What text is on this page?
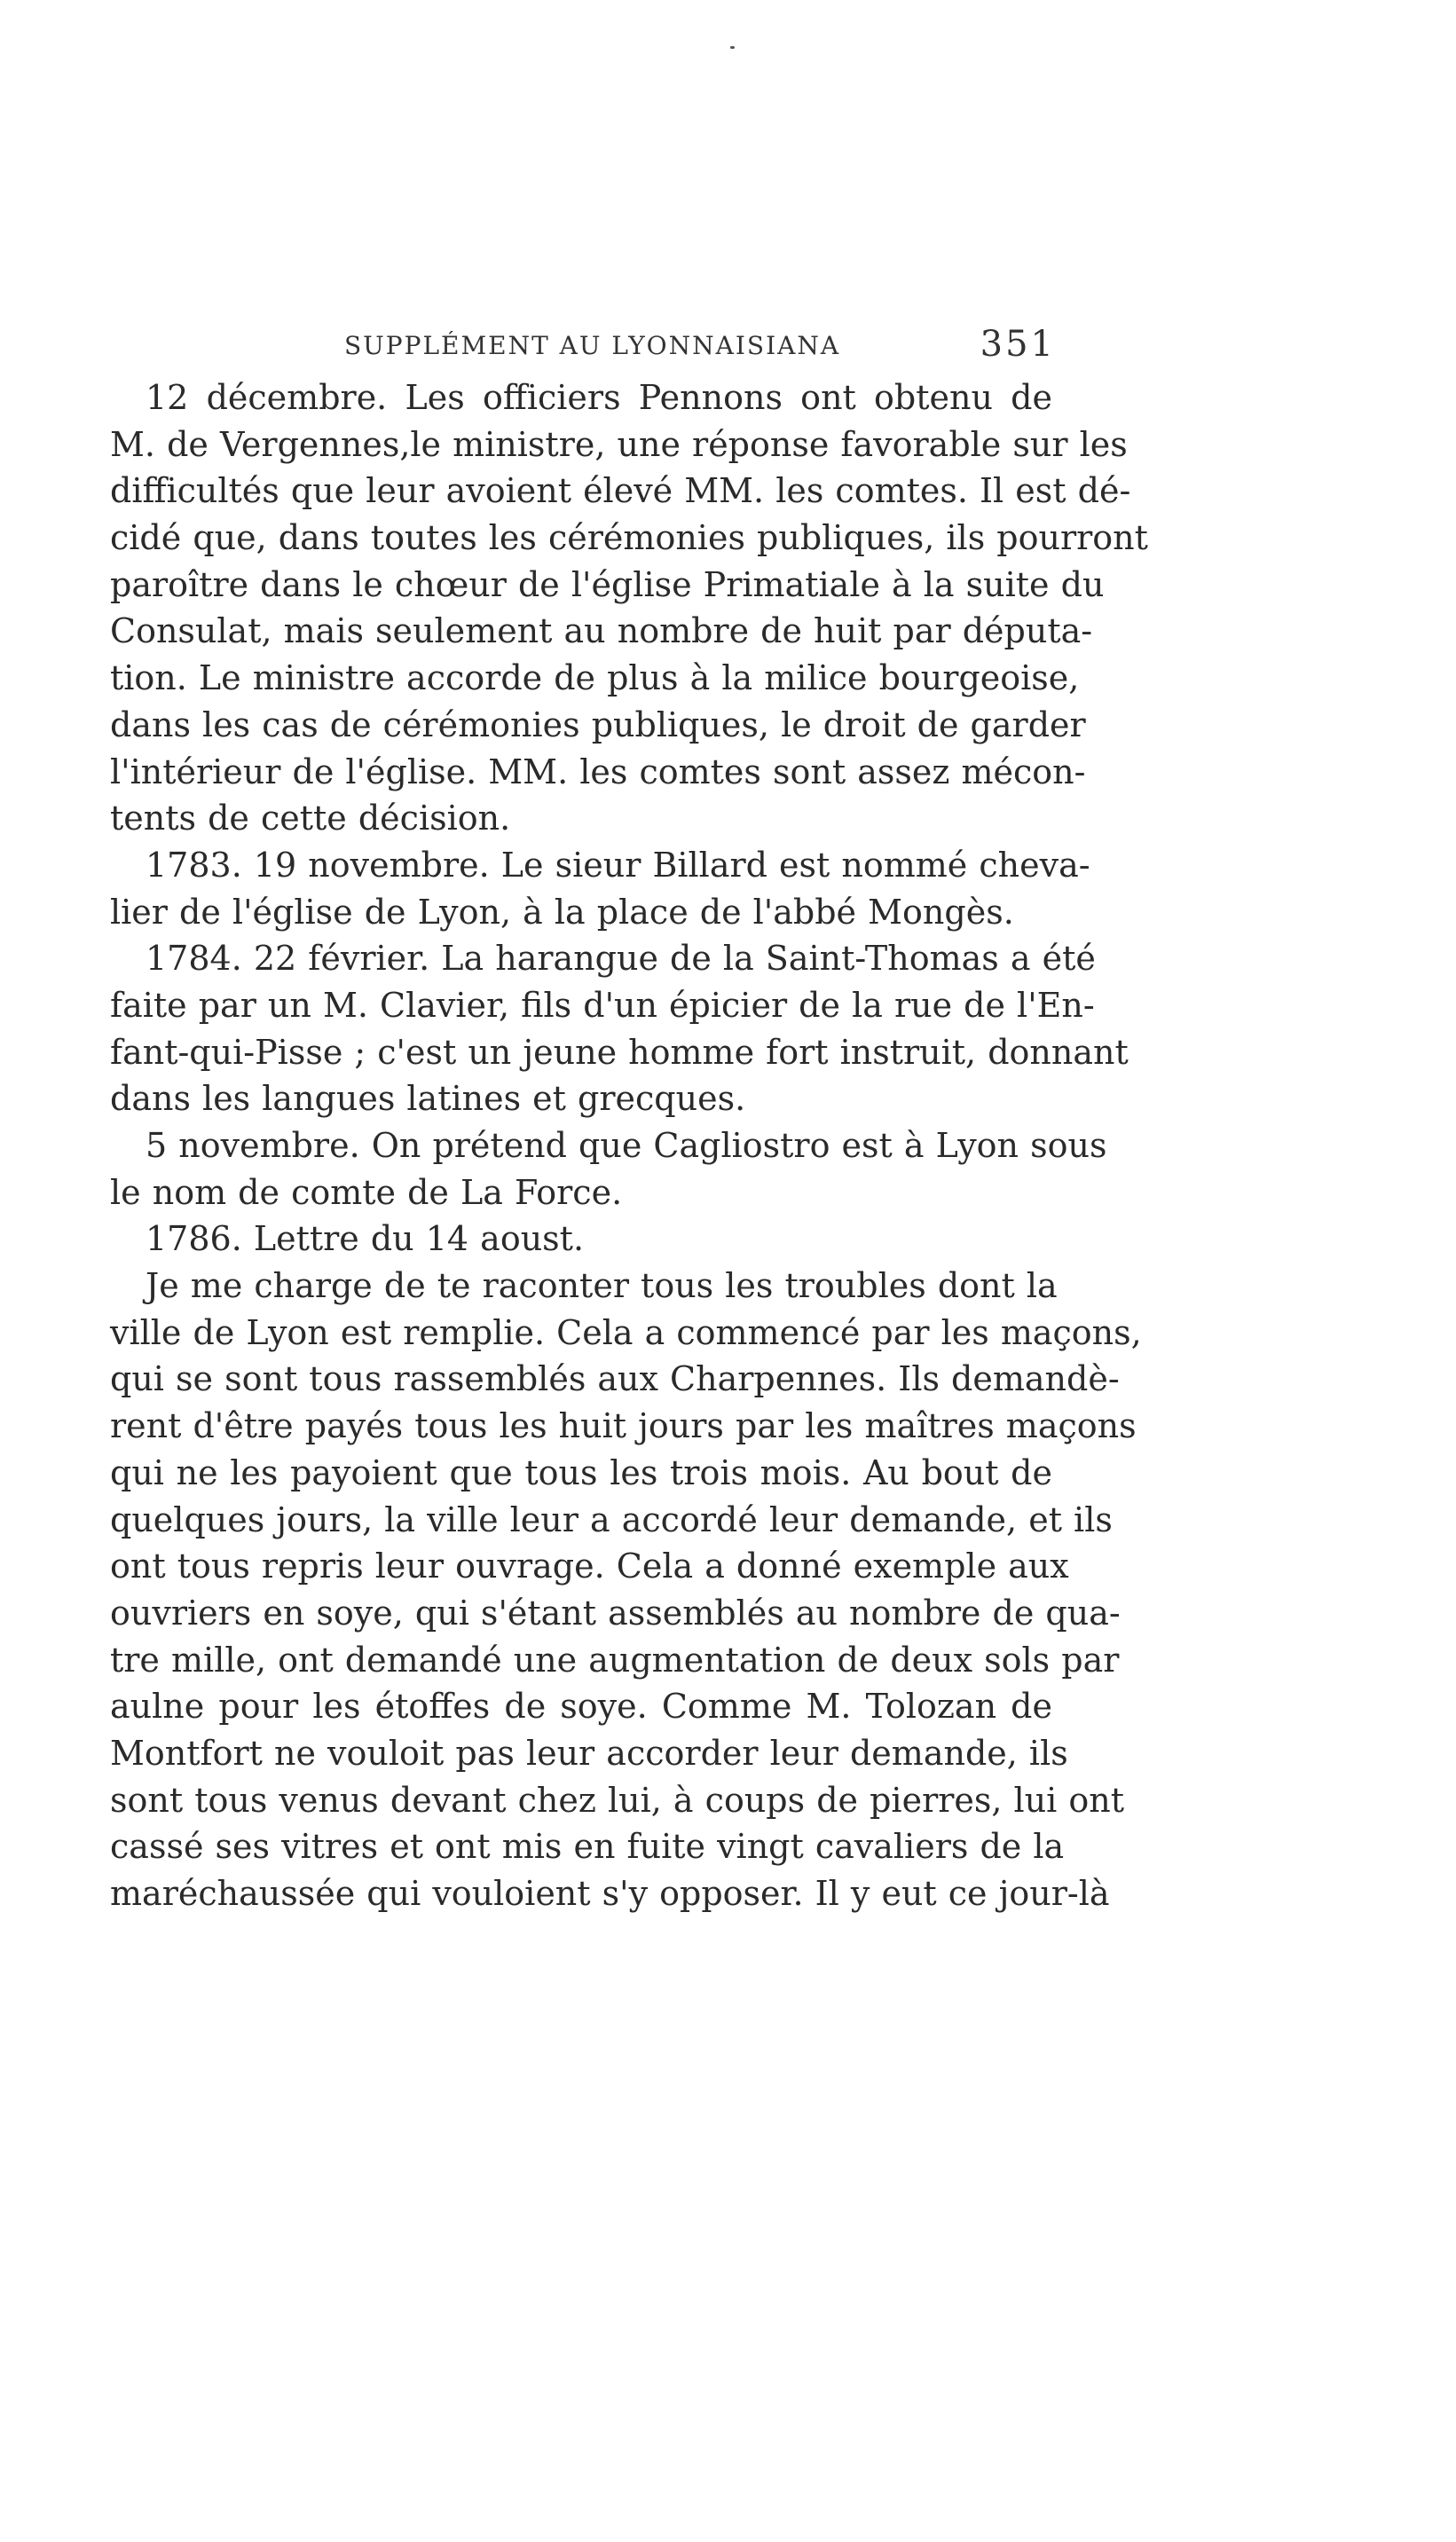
SUPPLÉMENT AU LYONNAISIANA	351
12 décembre. Les officiers Pennons ont obtenu de
M. de Vergennes,le ministre, une réponse favorable sur les
difficultés que leur avoient élevé MM. les comtes. Il est dé-
cidé que, dans toutes les cérémonies publiques, ils pourront
paroître dans le chœur de l'église Primatiale à la suite du
Consulat, mais seulement au nombre de huit par députa-
tion. Le ministre accorde de plus à la milice bourgeoise,
dans les cas de cérémonies publiques, le droit de garder
l'intérieur de l'église. MM. les comtes sont assez mécon-
tents de cette décision.
1783. 19 novembre. Le sieur Billard est nommé cheva-
lier de l'église de Lyon, à la place de l'abbé Mongès.
1784. 22 février. La harangue de la Saint-Thomas a été
faite par un M. Clavier, fils d'un épicier de la rue de l'En-
fant-qui-Pisse ; c'est un jeune homme fort instruit, donnant
dans les langues latines et grecques.
5 novembre. On prétend que Cagliostro est à Lyon sous
le nom de comte de La Force.
1786. Lettre du 14 aoust.
Je me charge de te raconter tous les troubles dont la
ville de Lyon est remplie. Cela a commencé par les maçons,
qui se sont tous rassemblés aux Charpennes. Ils demandè-
rent d'être payés tous les huit jours par les maîtres maçons
qui ne les payoient que tous les trois mois. Au bout de
quelques jours, la ville leur a accordé leur demande, et ils
ont tous repris leur ouvrage. Cela a donné exemple aux
ouvriers en soye, qui s'étant assemblés au nombre de qua-
tre mille, ont demandé une augmentation de deux sols par
aulne pour les étoffes de soye. Comme M. Tolozan de
Montfort ne vouloit pas leur accorder leur demande, ils
sont tous venus devant chez lui, à coups de pierres, lui ont
cassé ses vitres et ont mis en fuite vingt cavaliers de la
maréchaussée qui vouloient s'y opposer. Il y eut ce jour-là
